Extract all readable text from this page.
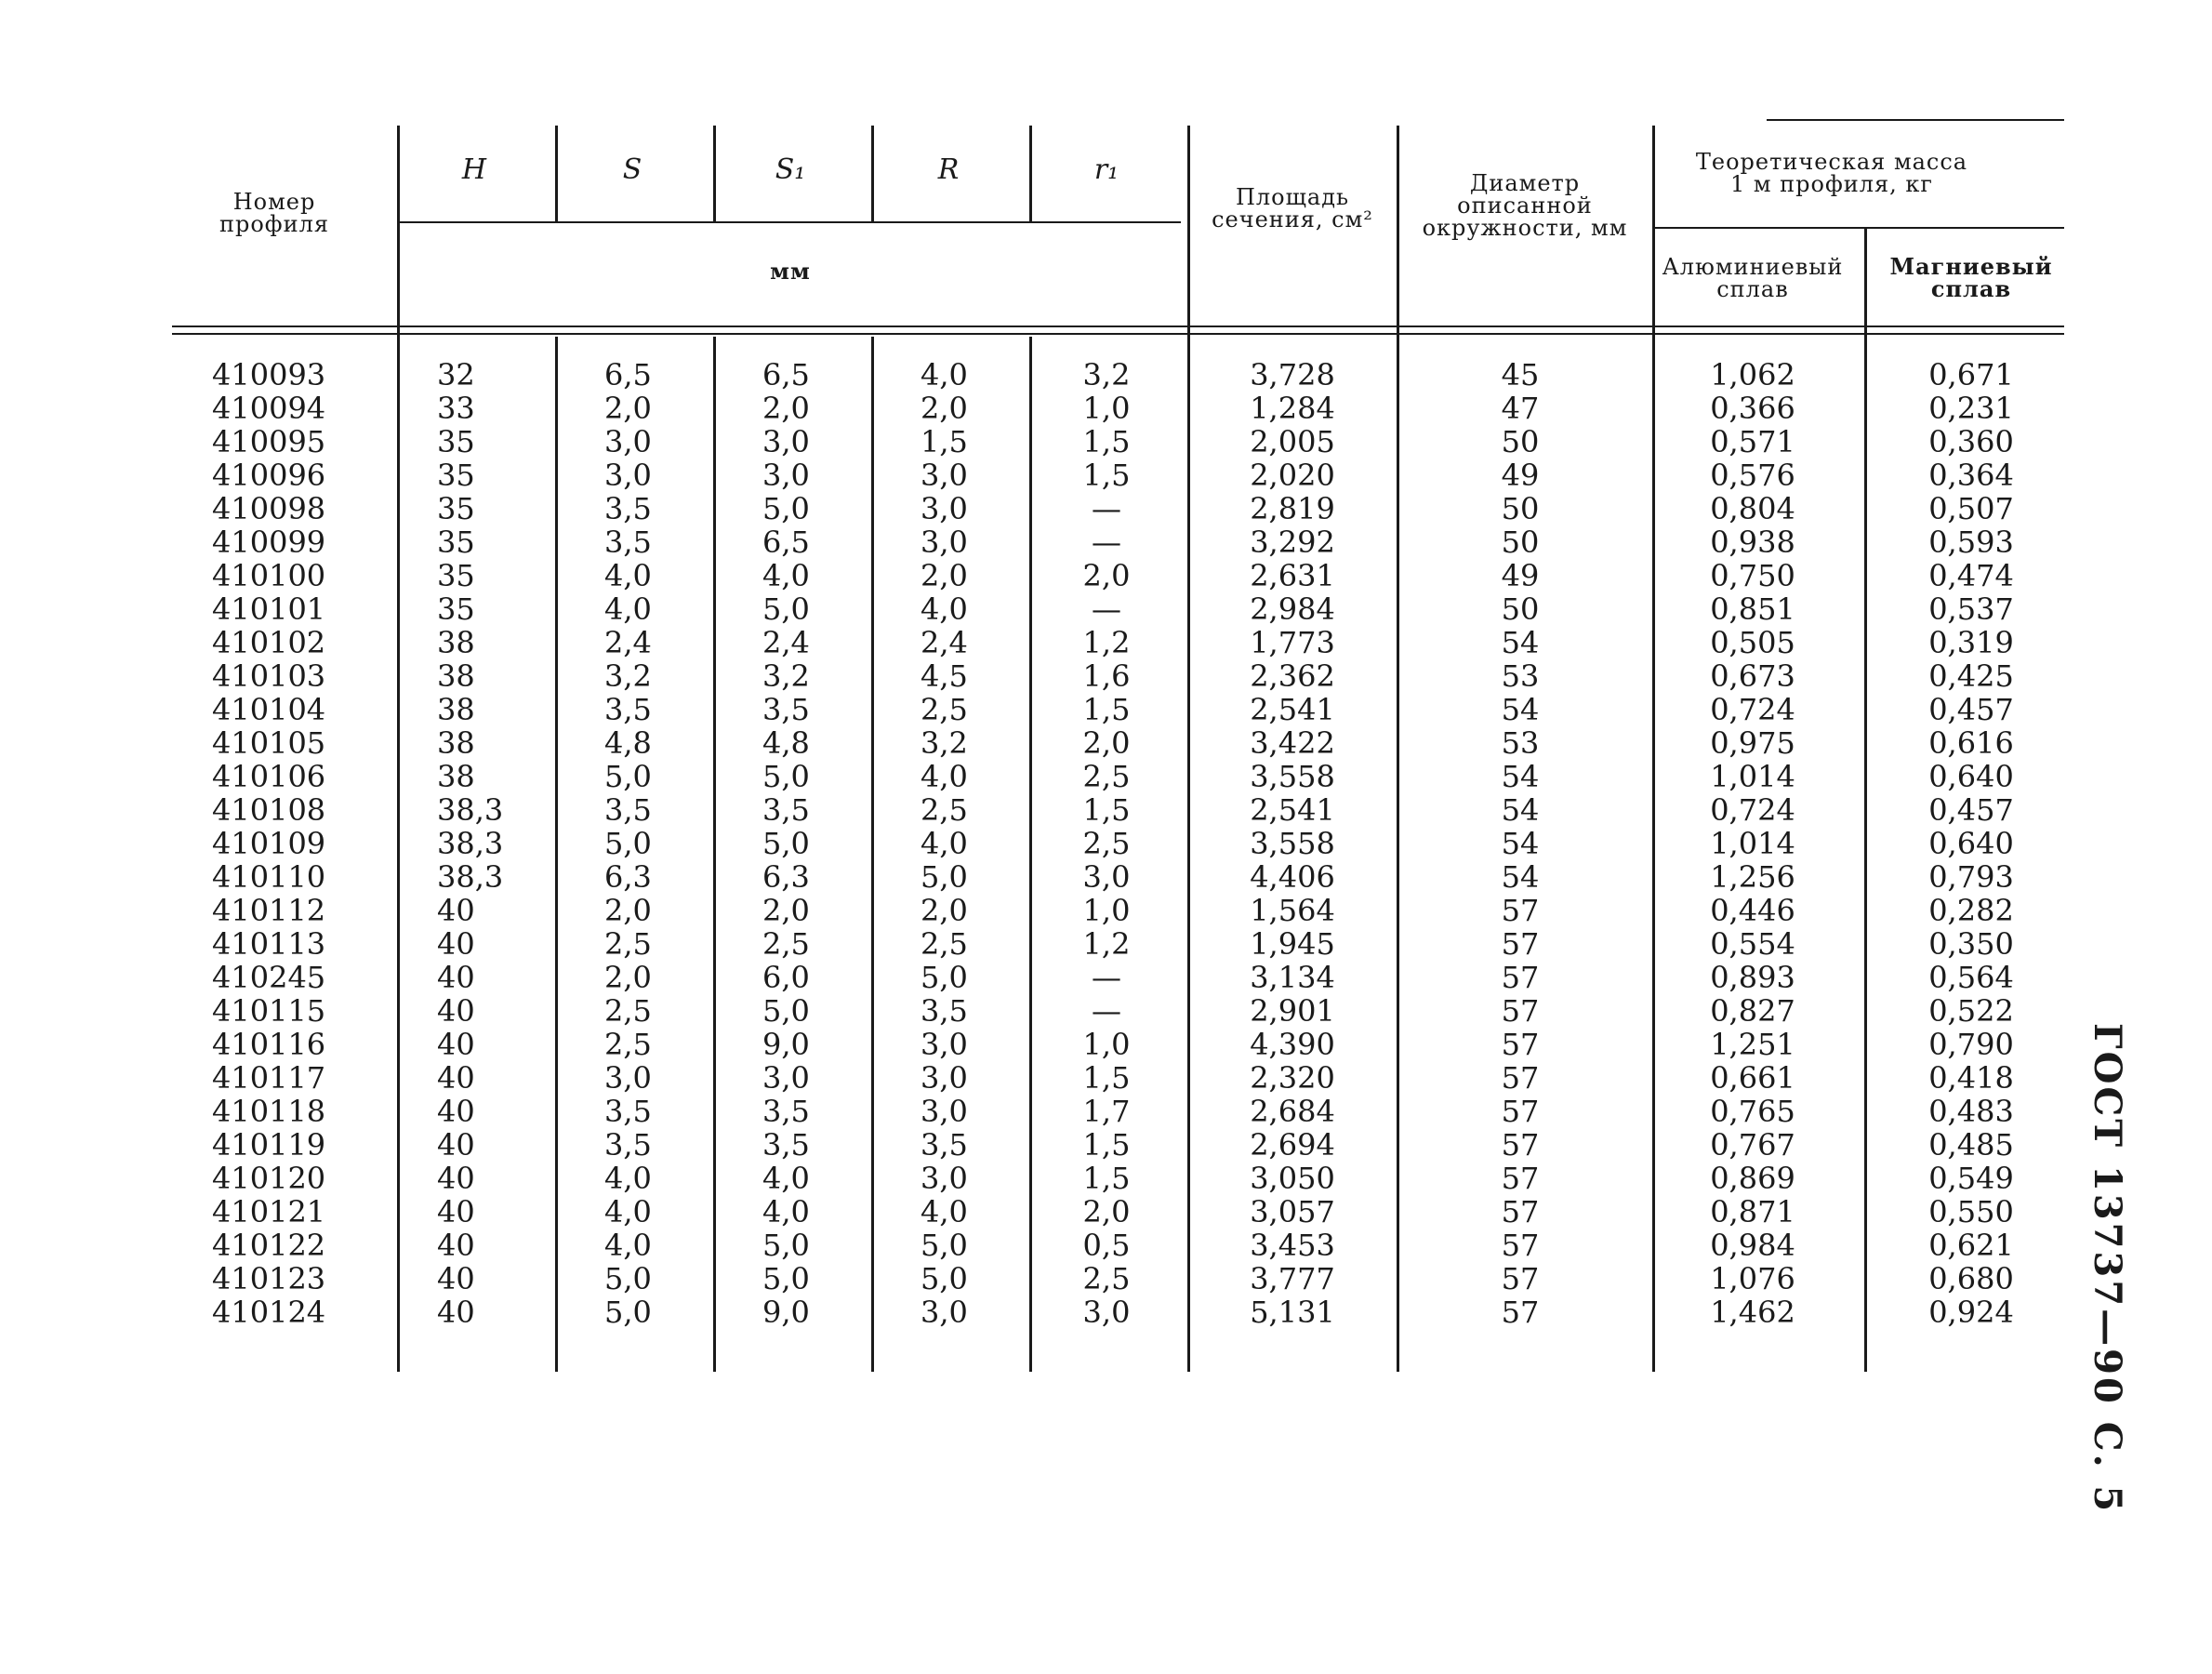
Номер профиля
H	S	S₁	R	r₁
мм
Площадь сечения, см²
Диаметр описанной окружности, мм
Теоретическая масса 1 м профиля, кг
Алюминиевый сплав
Магниевый сплав
410093	32	6,5	6,5	4,0	3,2	3,728	45	1,062	0,671
410094	33	2,0	2,0	2,0	1,0	1,284	47	0,366	0,231
410095	35	3,0	3,0	1,5	1,5	2,005	50	0,571	0,360
410096	35	3,0	3,0	3,0	1,5	2,020	49	0,576	0,364
410098	35	3,5	5,0	3,0	—	2,819	50	0,804	0,507
410099	35	3,5	6,5	3,0	—	3,292	50	0,938	0,593
410100	35	4,0	4,0	2,0	2,0	2,631	49	0,750	0,474
410101	35	4,0	5,0	4,0	—	2,984	50	0,851	0,537
410102	38	2,4	2,4	2,4	1,2	1,773	54	0,505	0,319
410103	38	3,2	3,2	4,5	1,6	2,362	53	0,673	0,425
410104	38	3,5	3,5	2,5	1,5	2,541	54	0,724	0,457
410105	38	4,8	4,8	3,2	2,0	3,422	53	0,975	0,616
410106	38	5,0	5,0	4,0	2,5	3,558	54	1,014	0,640
410108	38,3	3,5	3,5	2,5	1,5	2,541	54	0,724	0,457
410109	38,3	5,0	5,0	4,0	2,5	3,558	54	1,014	0,640
410110	38,3	6,3	6,3	5,0	3,0	4,406	54	1,256	0,793
410112	40	2,0	2,0	2,0	1,0	1,564	57	0,446	0,282
410113	40	2,5	2,5	2,5	1,2	1,945	57	0,554	0,350
410245	40	2,0	6,0	5,0	—	3,134	57	0,893	0,564
410115	40	2,5	5,0	3,5	—	2,901	57	0,827	0,522
410116	40	2,5	9,0	3,0	1,0	4,390	57	1,251	0,790
410117	40	3,0	3,0	3,0	1,5	2,320	57	0,661	0,418
410118	40	3,5	3,5	3,0	1,7	2,684	57	0,765	0,483
410119	40	3,5	3,5	3,5	1,5	2,694	57	0,767	0,485
410120	40	4,0	4,0	3,0	1,5	3,050	57	0,869	0,549
410121	40	4,0	4,0	4,0	2,0	3,057	57	0,871	0,550
410122	40	4,0	5,0	5,0	0,5	3,453	57	0,984	0,621
410123	40	5,0	5,0	5,0	2,5	3,777	57	1,076	0,680
410124	40	5,0	9,0	3,0	3,0	5,131	57	1,462	0,924	ГОСТ 13737—90 С. 5
